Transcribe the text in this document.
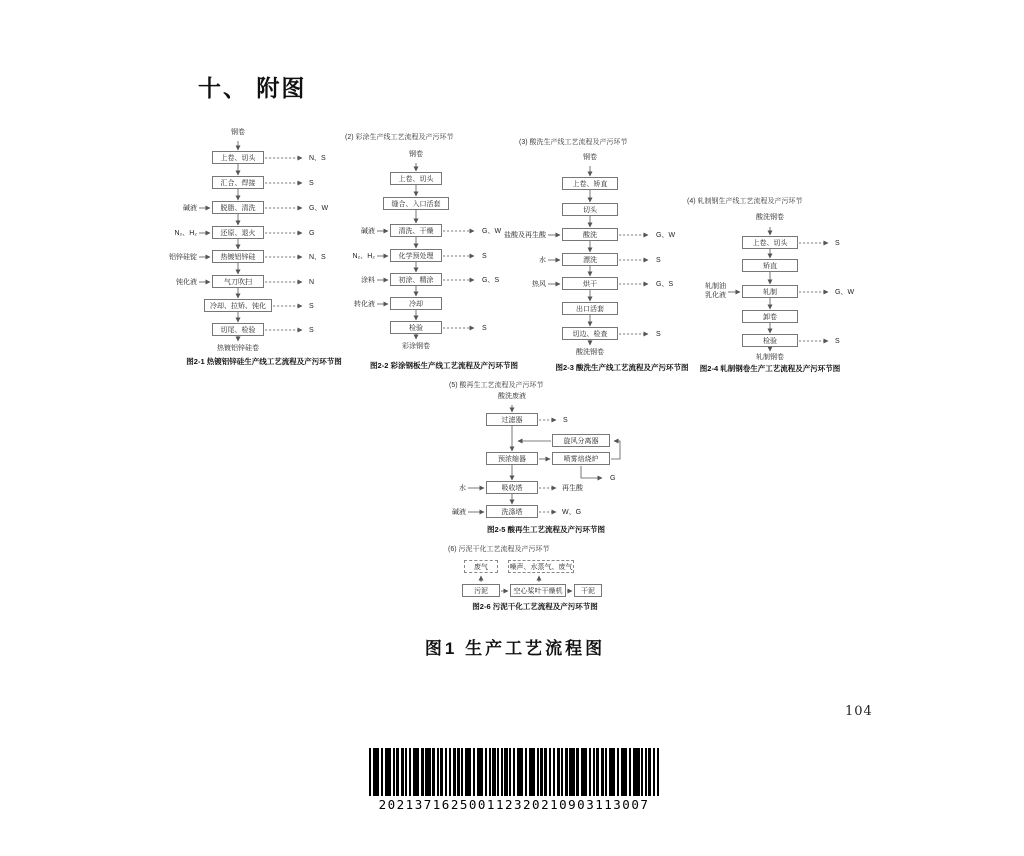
十、 附图
钢卷
上卷、切头
汇合、焊接
脱脂、清洗
还原、退火
热镀铝锌硅
气刀吹扫
冷却、拉矫、钝化
切尾、检验
碱液
N₂、H₂
铝锌硅锭
钝化液
N、S
S
G、W
G
N、S
N
S
S
热镀铝锌硅卷
图2-1 热镀铝锌硅生产线工艺流程及产污环节图
(2) 彩涂生产线工艺流程及产污环节
钢卷
上卷、切头
缝合、入口活套
清洗、干燥
化学预处理
初涂、精涂
冷却
检验
碱液
N₂、H₂
涂料
转化液
G、W
S
G、S
S
彩涂钢卷
图2-2 彩涂钢板生产线工艺流程及产污环节图
(3) 酸洗生产线工艺流程及产污环节
钢卷
上卷、矫直
切头
酸洗
漂洗
烘干
出口活套
切边、检查
盐酸及再生酸
水
热风
G、W
S
G、S
S
酸洗钢卷
图2-3 酸洗生产线工艺流程及产污环节图
(4) 轧制钢生产线工艺流程及产污环节
酸洗钢卷
上卷、切头
矫直
轧制
卸卷
检验
轧制油
乳化液
S
G、W
S
轧制钢卷
图2-4 轧制钢卷生产工艺流程及产污环节图
(5) 酸再生工艺流程及产污环节
酸洗废液
过滤器
旋风分离器
预浓缩器	喷雾焙烧炉
吸收塔
洗涤塔
S
G
水	再生酸
碱液	W、G
图2-5 酸再生工艺流程及产污环节图
(6) 污泥干化工艺流程及产污环节
废气	噪声、水蒸气、废气
污泥	空心桨叶干燥机	干泥
图2-6 污泥干化工艺流程及产污环节图
图1 生产工艺流程图
104
202137162500112320210903113007
